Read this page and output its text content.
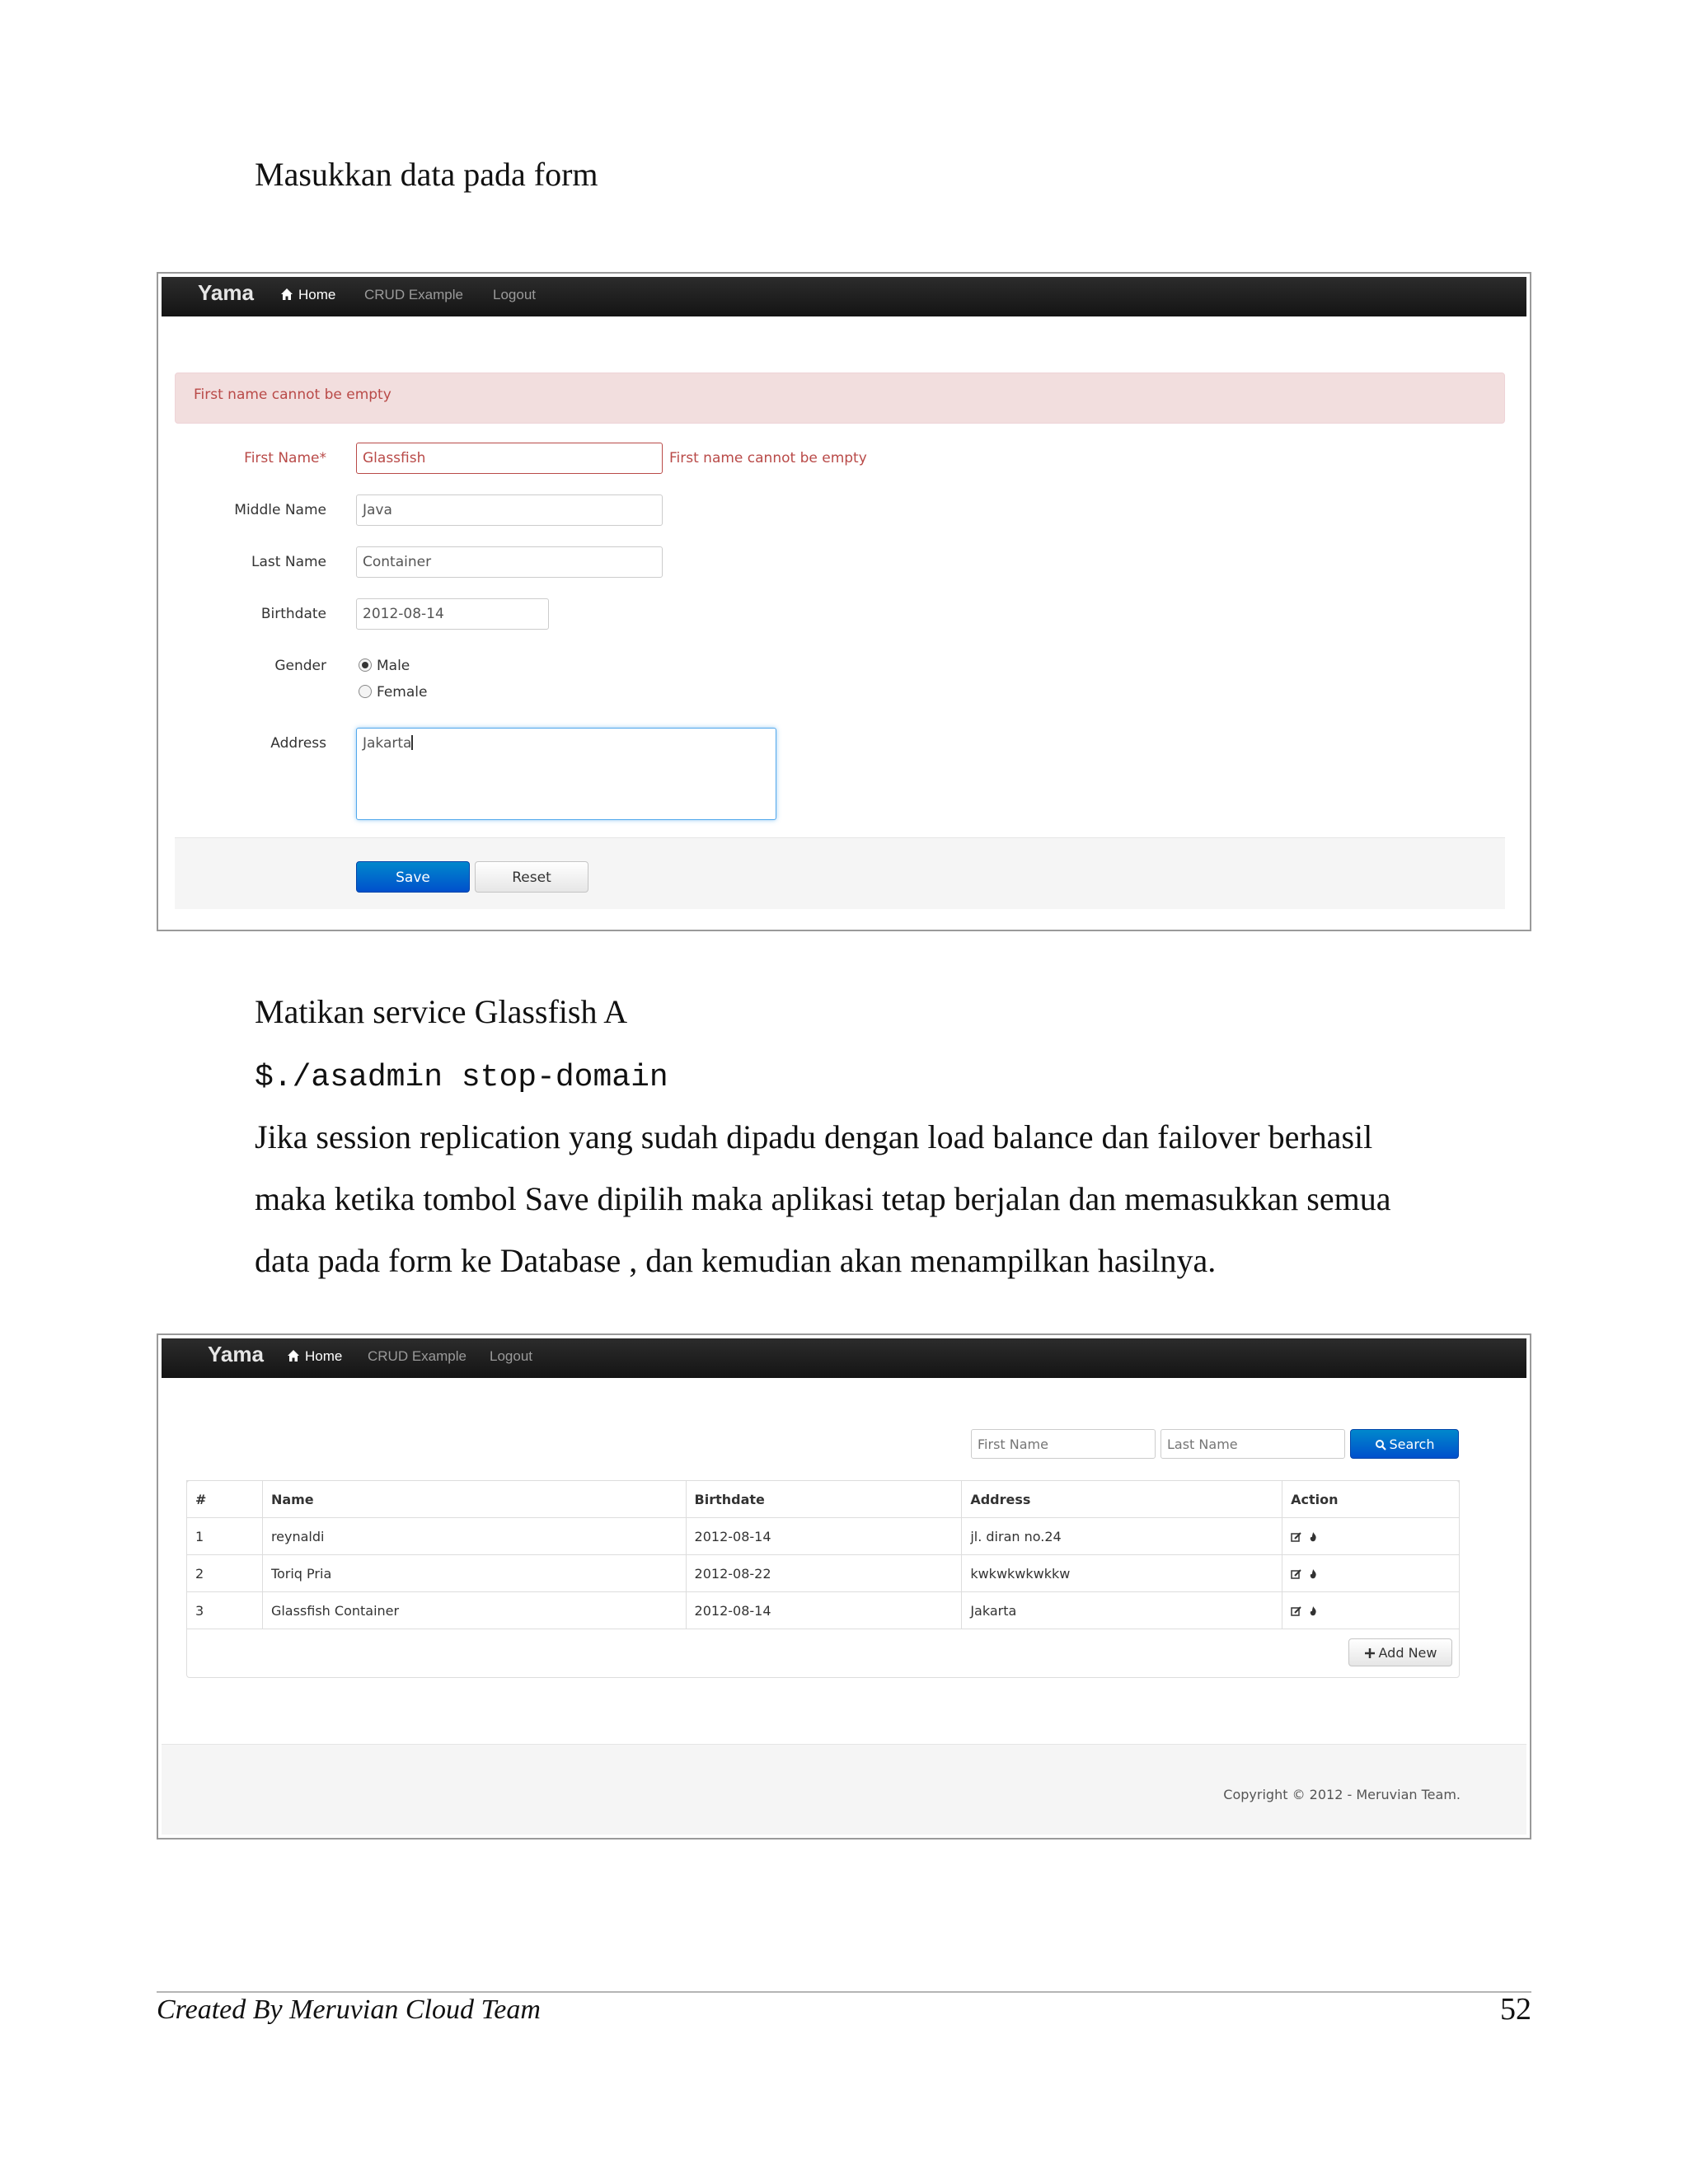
Masukkan data pada form
Yama	Home CRUD Example Logout
First name cannot be empty
First Name*	Glassfish	First name cannot be empty
Middle Name	Java
Last Name	Container
Birthdate	2012-08-14
Gender	Male
Female
Address	Jakarta
Save	Reset
Matikan service Glassfish A
$./asadmin stop-domain
Jika session replication yang sudah dipadu dengan load balance dan failover berhasil
maka ketika tombol Save dipilih maka aplikasi tetap berjalan dan memasukkan semua
data pada form ke Database , dan kemudian akan menampilkan hasilnya.
Yama	Home CRUD Example Logout
First Name
Last Name
Search
#	Name	Birthdate	Address	Action
1	reynaldi	2012-08-14	jl. diran no.24	
2	Toriq Pria	2012-08-22	kwkwkwkwkkw	
3	Glassfish Container	2012-08-14	Jakarta	
Add New
Copyright © 2012 - Meruvian Team.
Created By Meruvian Cloud Team	52
